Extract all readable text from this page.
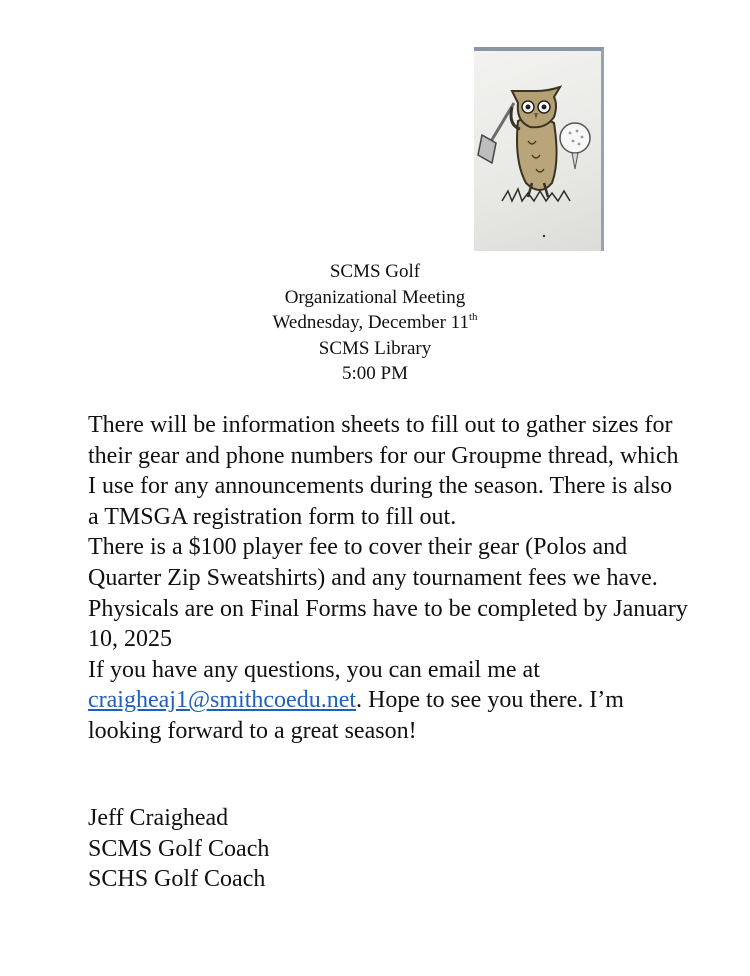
SCMS Golf
Organizational Meeting
Wednesday, December 11th
SCMS Library
5:00 PM

There will be information sheets to fill out to gather sizes for their gear and phone numbers for our Groupme thread, which I use for any announcements during the season. There is also a TMSGA registration form to fill out.

There is a $100 player fee to cover their gear (Polos and Quarter Zip Sweatshirts) and any tournament fees we have. Physicals are on Final Forms have to be completed by January 10, 2025

If you have any questions, you can email me at craigheaj1@smithcoedu.net. Hope to see you there. I’m looking forward to a great season!

Jeff Craighead
SCMS Golf Coach
SCHS Golf Coach
